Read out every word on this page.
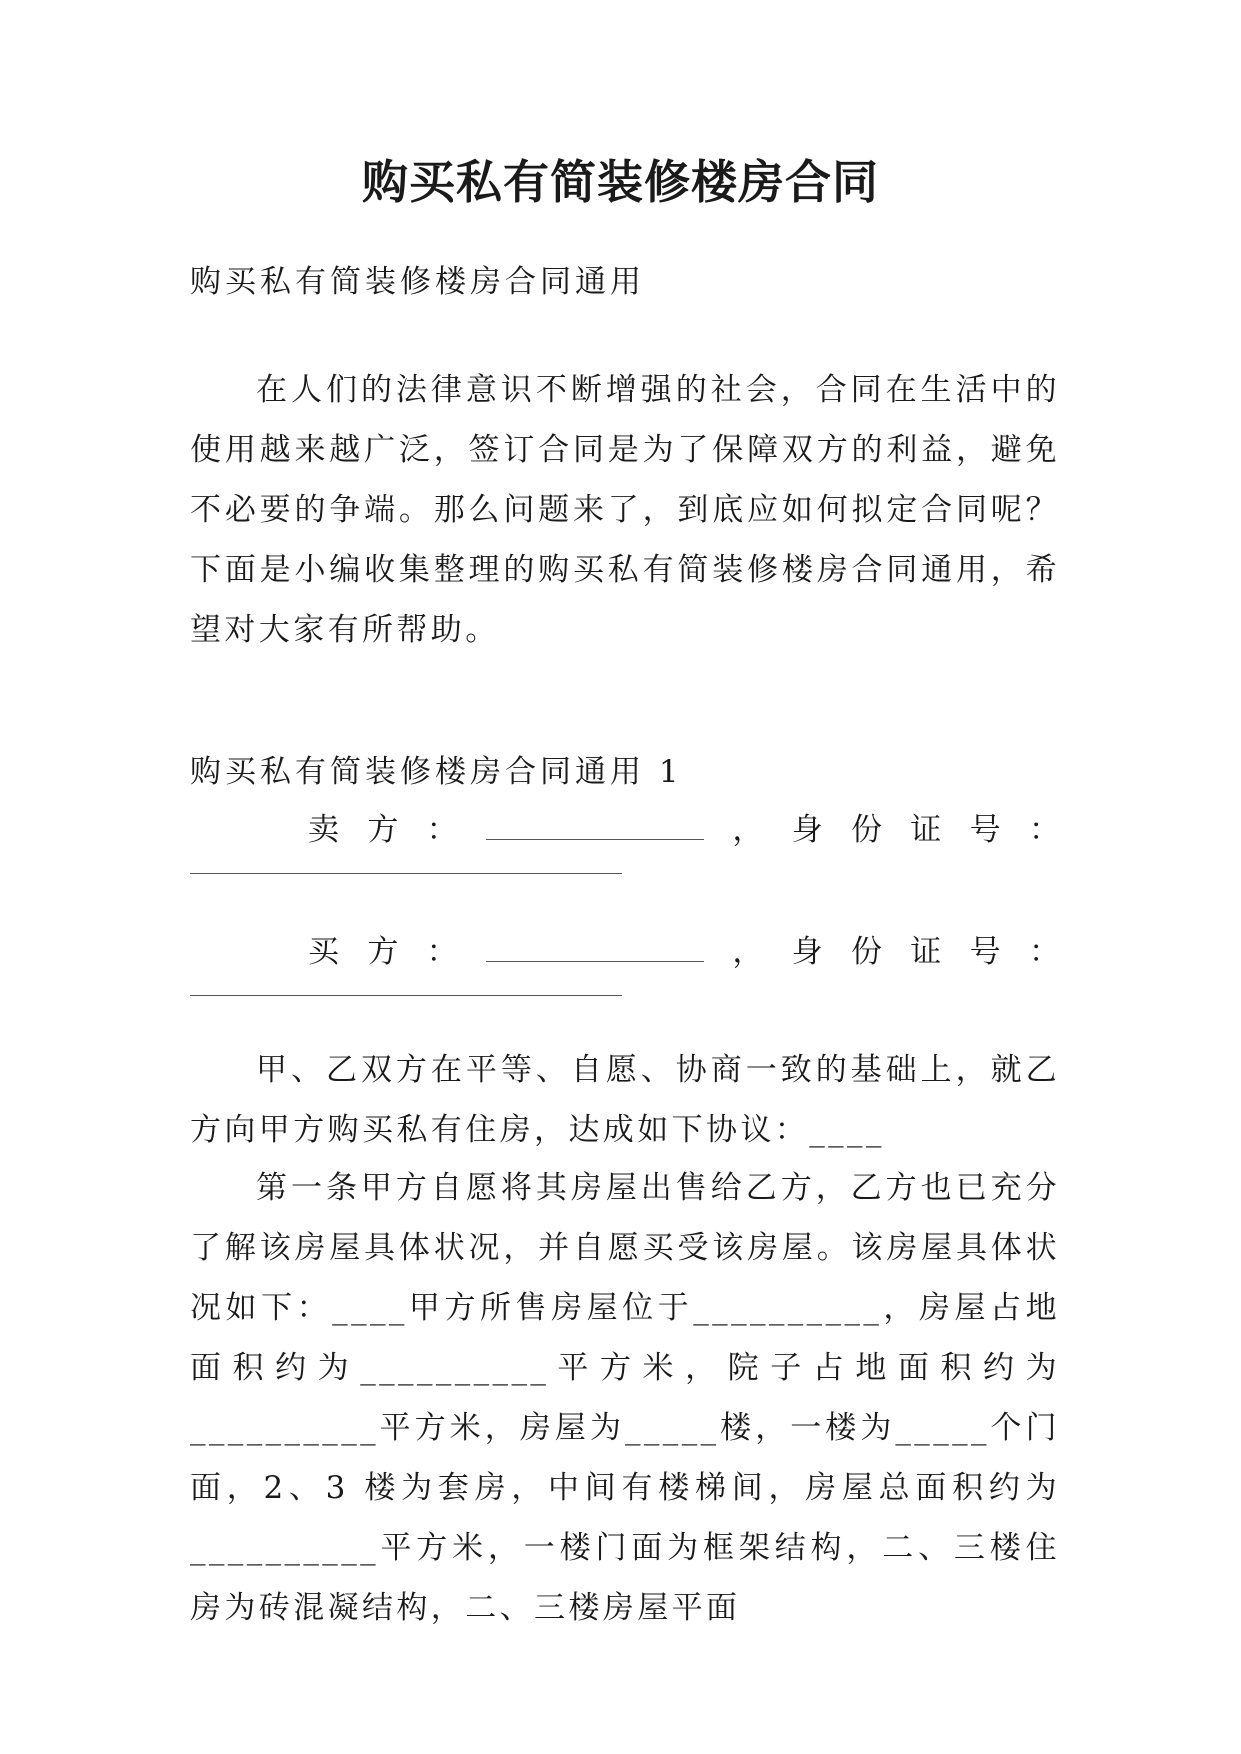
购买私有简装修楼房合同
购买私有简装修楼房合同通用
在人们的法律意识不断增强的社会，合同在生活中的使用越来越广泛，签订合同是为了保障双方的利益，避免不必要的争端。那么问题来了，到底应如何拟定合同呢？下面是小编收集整理的购买私有简装修楼房合同通用，希望对大家有所帮助。
购买私有简装修楼房合同通用 1
卖 方 ：	， 身 份 证 号 ：
买 方 ：	， 身 份 证 号 ：
甲、乙双方在平等、自愿、协商一致的基础上，就乙方向甲方购买私有住房，达成如下协议：____
第一条甲方自愿将其房屋出售给乙方，乙方也已充分了解该房屋具体状况，并自愿买受该房屋。该房屋具体状况如下：____甲方所售房屋位于__________，房屋占地面积约为__________平方米，院子占地面积约为__________平方米，房屋为_____楼，一楼为_____个门面，2、3 楼为套房，中间有楼梯间，房屋总面积约为__________平方米，一楼门面为框架结构，二、三楼住房为砖混凝结构，二、三楼房屋平面
